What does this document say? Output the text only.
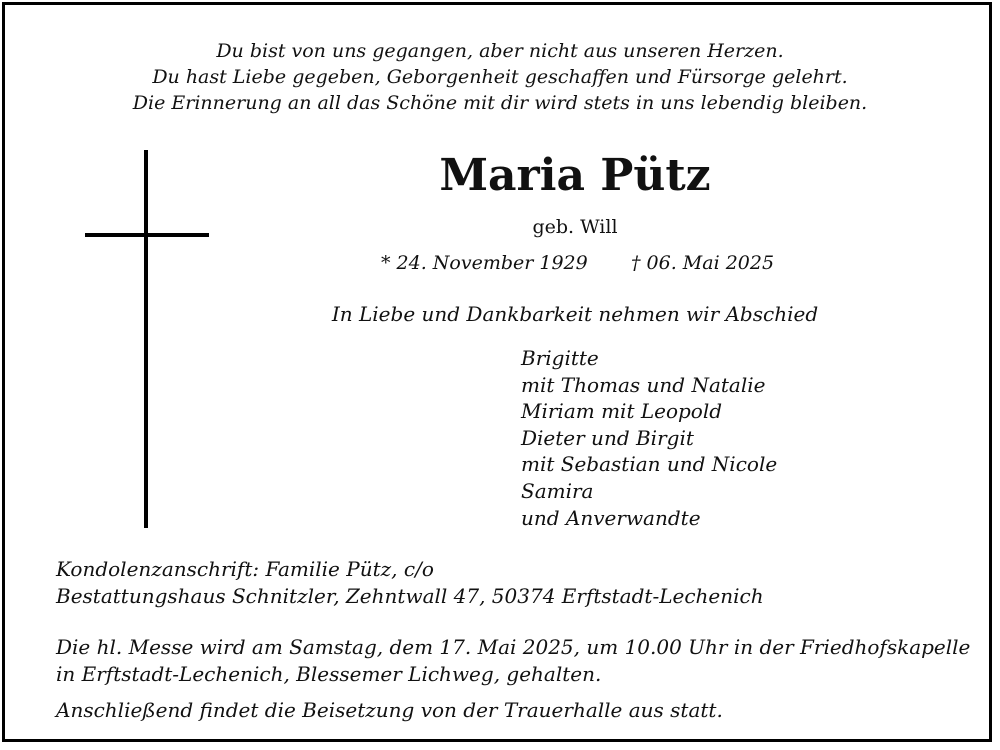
Du bist von uns gegangen, aber nicht aus unseren Herzen.
Du hast Liebe gegeben, Geborgenheit geschaffen und Fürsorge gelehrt.
Die Erinnerung an all das Schöne mit dir wird stets in uns lebendig bleiben.
Maria Pütz
geb. Will
* 24. November 1929 † 06. Mai 2025
In Liebe und Dankbarkeit nehmen wir Abschied
Brigitte
mit Thomas und Natalie
Miriam mit Leopold
Dieter und Birgit
mit Sebastian und Nicole
Samira
und Anverwandte
Kondolenzanschrift: Familie Pütz, c/o
Bestattungshaus Schnitzler, Zehntwall 47, 50374 Erftstadt-Lechenich
Die hl. Messe wird am Samstag, dem 17. Mai 2025, um 10.00 Uhr in der Friedhofskapelle
in Erftstadt-Lechenich, Blessemer Lichweg, gehalten.
Anschließend findet die Beisetzung von der Trauerhalle aus statt.
